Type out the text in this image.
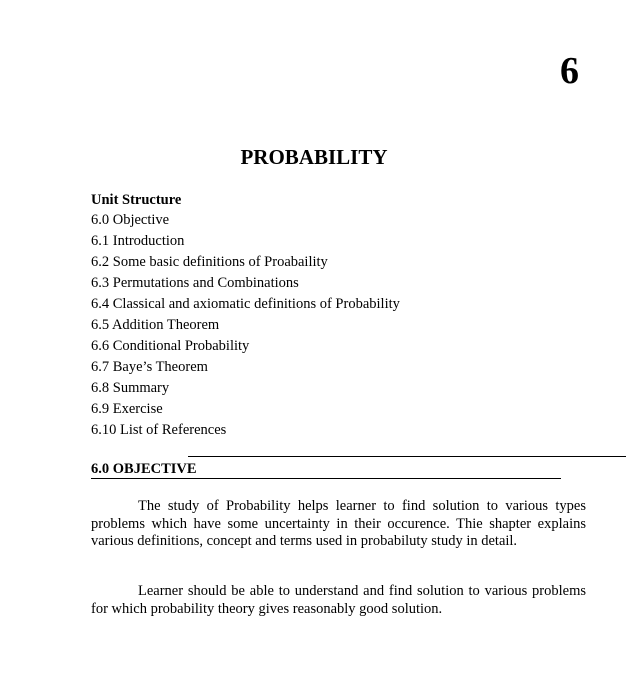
6
PROBABILITY
Unit Structure
6.0 Objective
6.1 Introduction
6.2 Some basic definitions of Proabaility
6.3 Permutations and Combinations
6.4 Classical and axiomatic definitions of Probability
6.5 Addition Theorem
6.6 Conditional Probability
6.7 Baye’s Theorem
6.8 Summary
6.9 Exercise
6.10 List of References
6.0 OBJECTIVE

The study of Probability helps learner to find solution to various types problems which have some uncertainty in their occurence. Thie shapter explains various definitions, concept and terms used in probabiluty study in detail.

Learner should be able to understand and find solution to various problems for which probability theory gives reasonably good solution.
